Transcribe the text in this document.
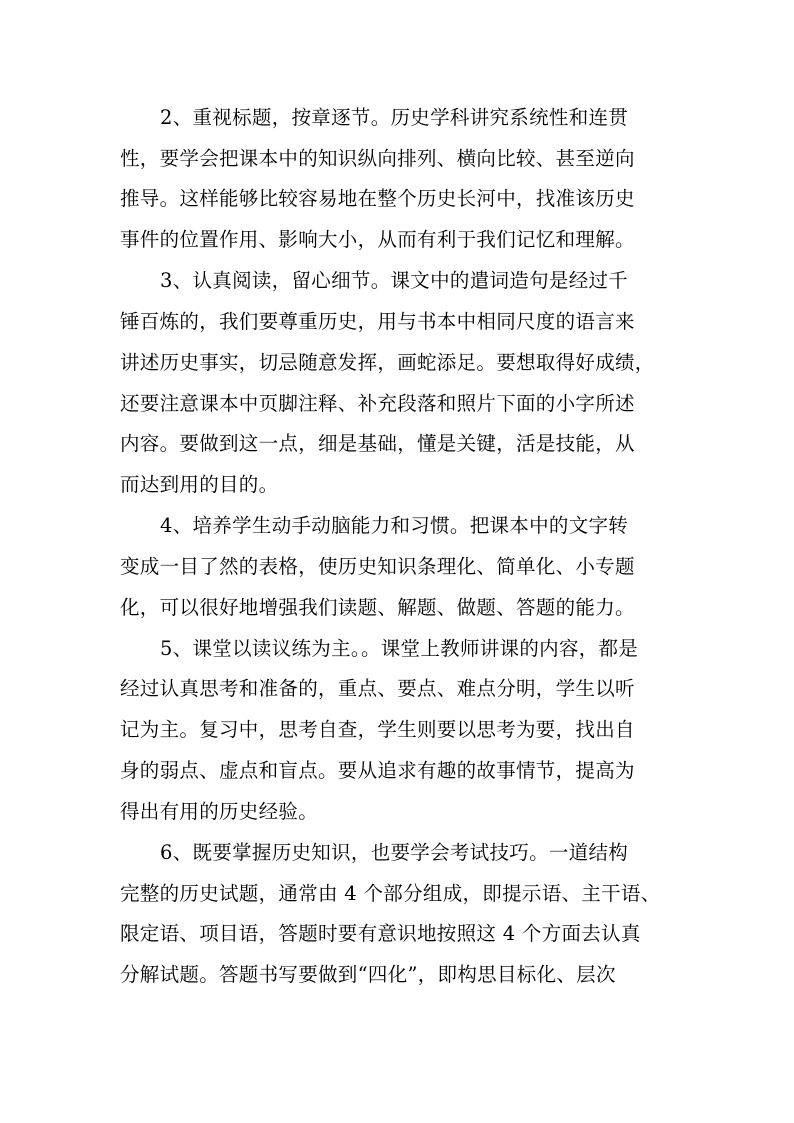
2、重视标题，按章逐节。历史学科讲究系统性和连贯
性，要学会把课本中的知识纵向排列、横向比较、甚至逆向
推导。这样能够比较容易地在整个历史长河中，找准该历史
事件的位置作用、影响大小，从而有利于我们记忆和理解。
3、认真阅读，留心细节。课文中的遣词造句是经过千
锤百炼的，我们要尊重历史，用与书本中相同尺度的语言来
讲述历史事实，切忌随意发挥，画蛇添足。要想取得好成绩，
还要注意课本中页脚注释、补充段落和照片下面的小字所述
内容。要做到这一点，细是基础，懂是关键，活是技能，从
而达到用的目的。
4、培养学生动手动脑能力和习惯。把课本中的文字转
变成一目了然的表格，使历史知识条理化、简单化、小专题
化，可以很好地增强我们读题、解题、做题、答题的能力。
5、课堂以读议练为主。。课堂上教师讲课的内容，都是
经过认真思考和准备的，重点、要点、难点分明，学生以听
记为主。复习中，思考自查，学生则要以思考为要，找出自
身的弱点、虚点和盲点。要从追求有趣的故事情节，提高为
得出有用的历史经验。
6、既要掌握历史知识，也要学会考试技巧。一道结构
完整的历史试题，通常由 4 个部分组成，即提示语、主干语、
限定语、项目语，答题时要有意识地按照这 4 个方面去认真
分解试题。答题书写要做到“四化”，即构思目标化、层次
